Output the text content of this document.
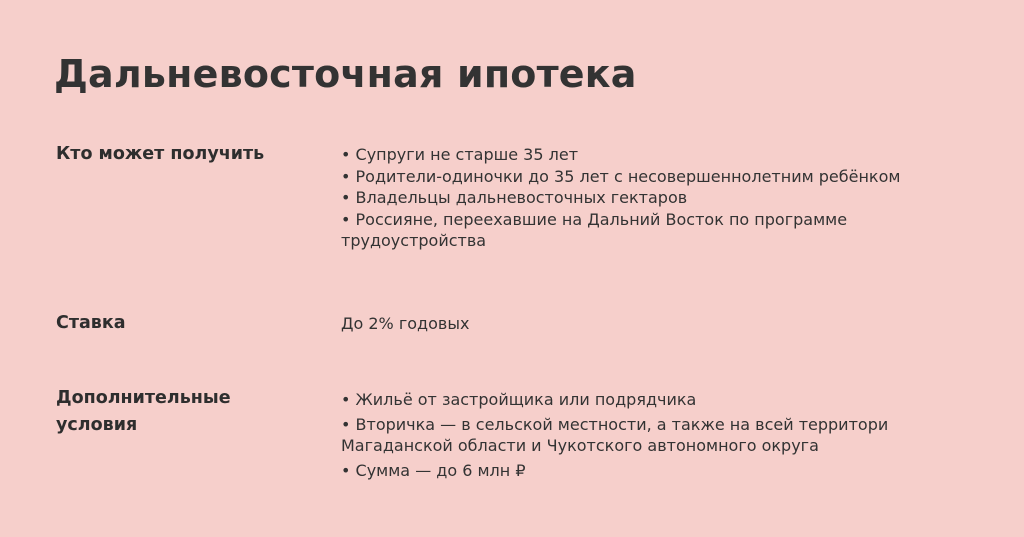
Дальневосточная ипотека
Кто может получить	• Супруги не старше 35 лет
• Родители-одиночки до 35 лет с несовершеннолетним ребёнком
• Владельцы дальневосточных гектаров
• Россияне, переехавшие на Дальний Восток по программе трудоустройства
Ставка	До 2% годовых
Дополнительные
условия
• Жильё от застройщика или подрядчика
• Вторичка — в сельской местности, а также на всей территори Магаданской области и Чукотского автономного округа
• Сумма — до 6 млн ₽
